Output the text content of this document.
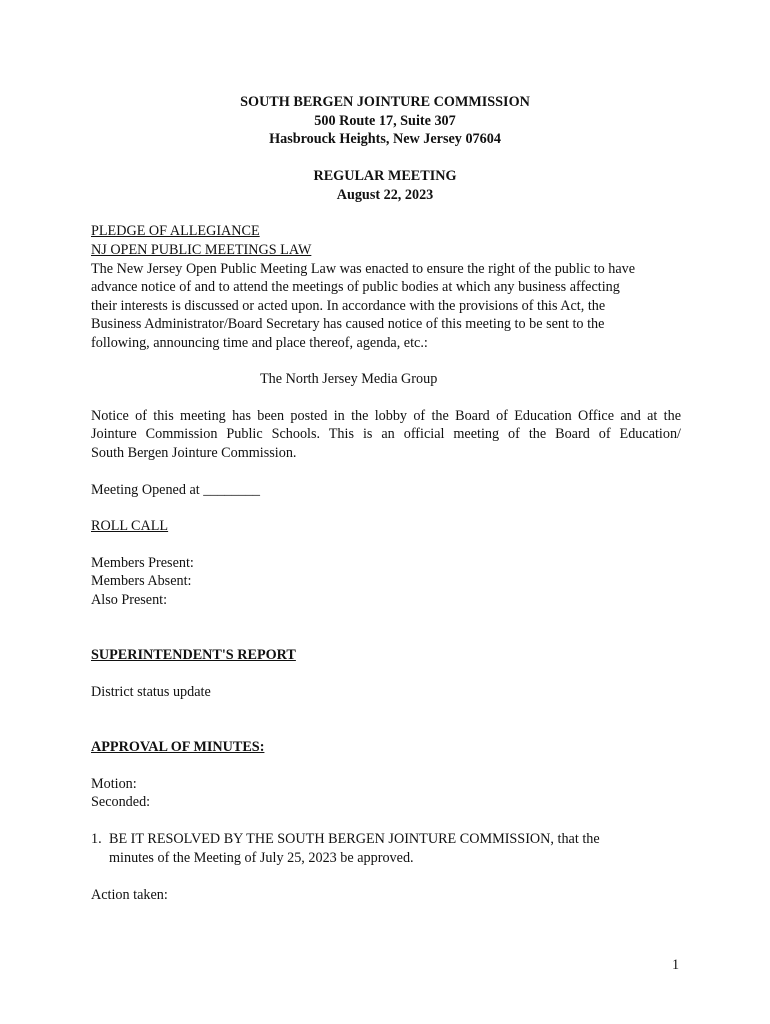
SOUTH BERGEN JOINTURE COMMISSION
500 Route 17, Suite 307
Hasbrouck Heights, New Jersey 07604
REGULAR MEETING
August 22, 2023
PLEDGE OF ALLEGIANCE
NJ OPEN PUBLIC MEETINGS LAW
The New Jersey Open Public Meeting Law was enacted to ensure the right of the public to have
advance notice of and to attend the meetings of public bodies at which any business affecting
their interests is discussed or acted upon. In accordance with the provisions of this Act, the
Business Administrator/Board Secretary has caused notice of this meeting to be sent to the
following, announcing time and place thereof, agenda, etc.:
The North Jersey Media Group
Notice of this meeting has been posted in the lobby of the Board of Education Office and at the
Jointure Commission Public Schools. This is an official meeting of the Board of Education/
South Bergen Jointure Commission.
Meeting Opened at ________
ROLL CALL
Members Present:
Members Absent:
Also Present:
SUPERINTENDENT'S REPORT
District status update
APPROVAL OF MINUTES:
Motion:
Seconded:
1. BE IT RESOLVED BY THE SOUTH BERGEN JOINTURE COMMISSION, that the
minutes of the Meeting of July 25, 2023 be approved.
Action taken:
1
